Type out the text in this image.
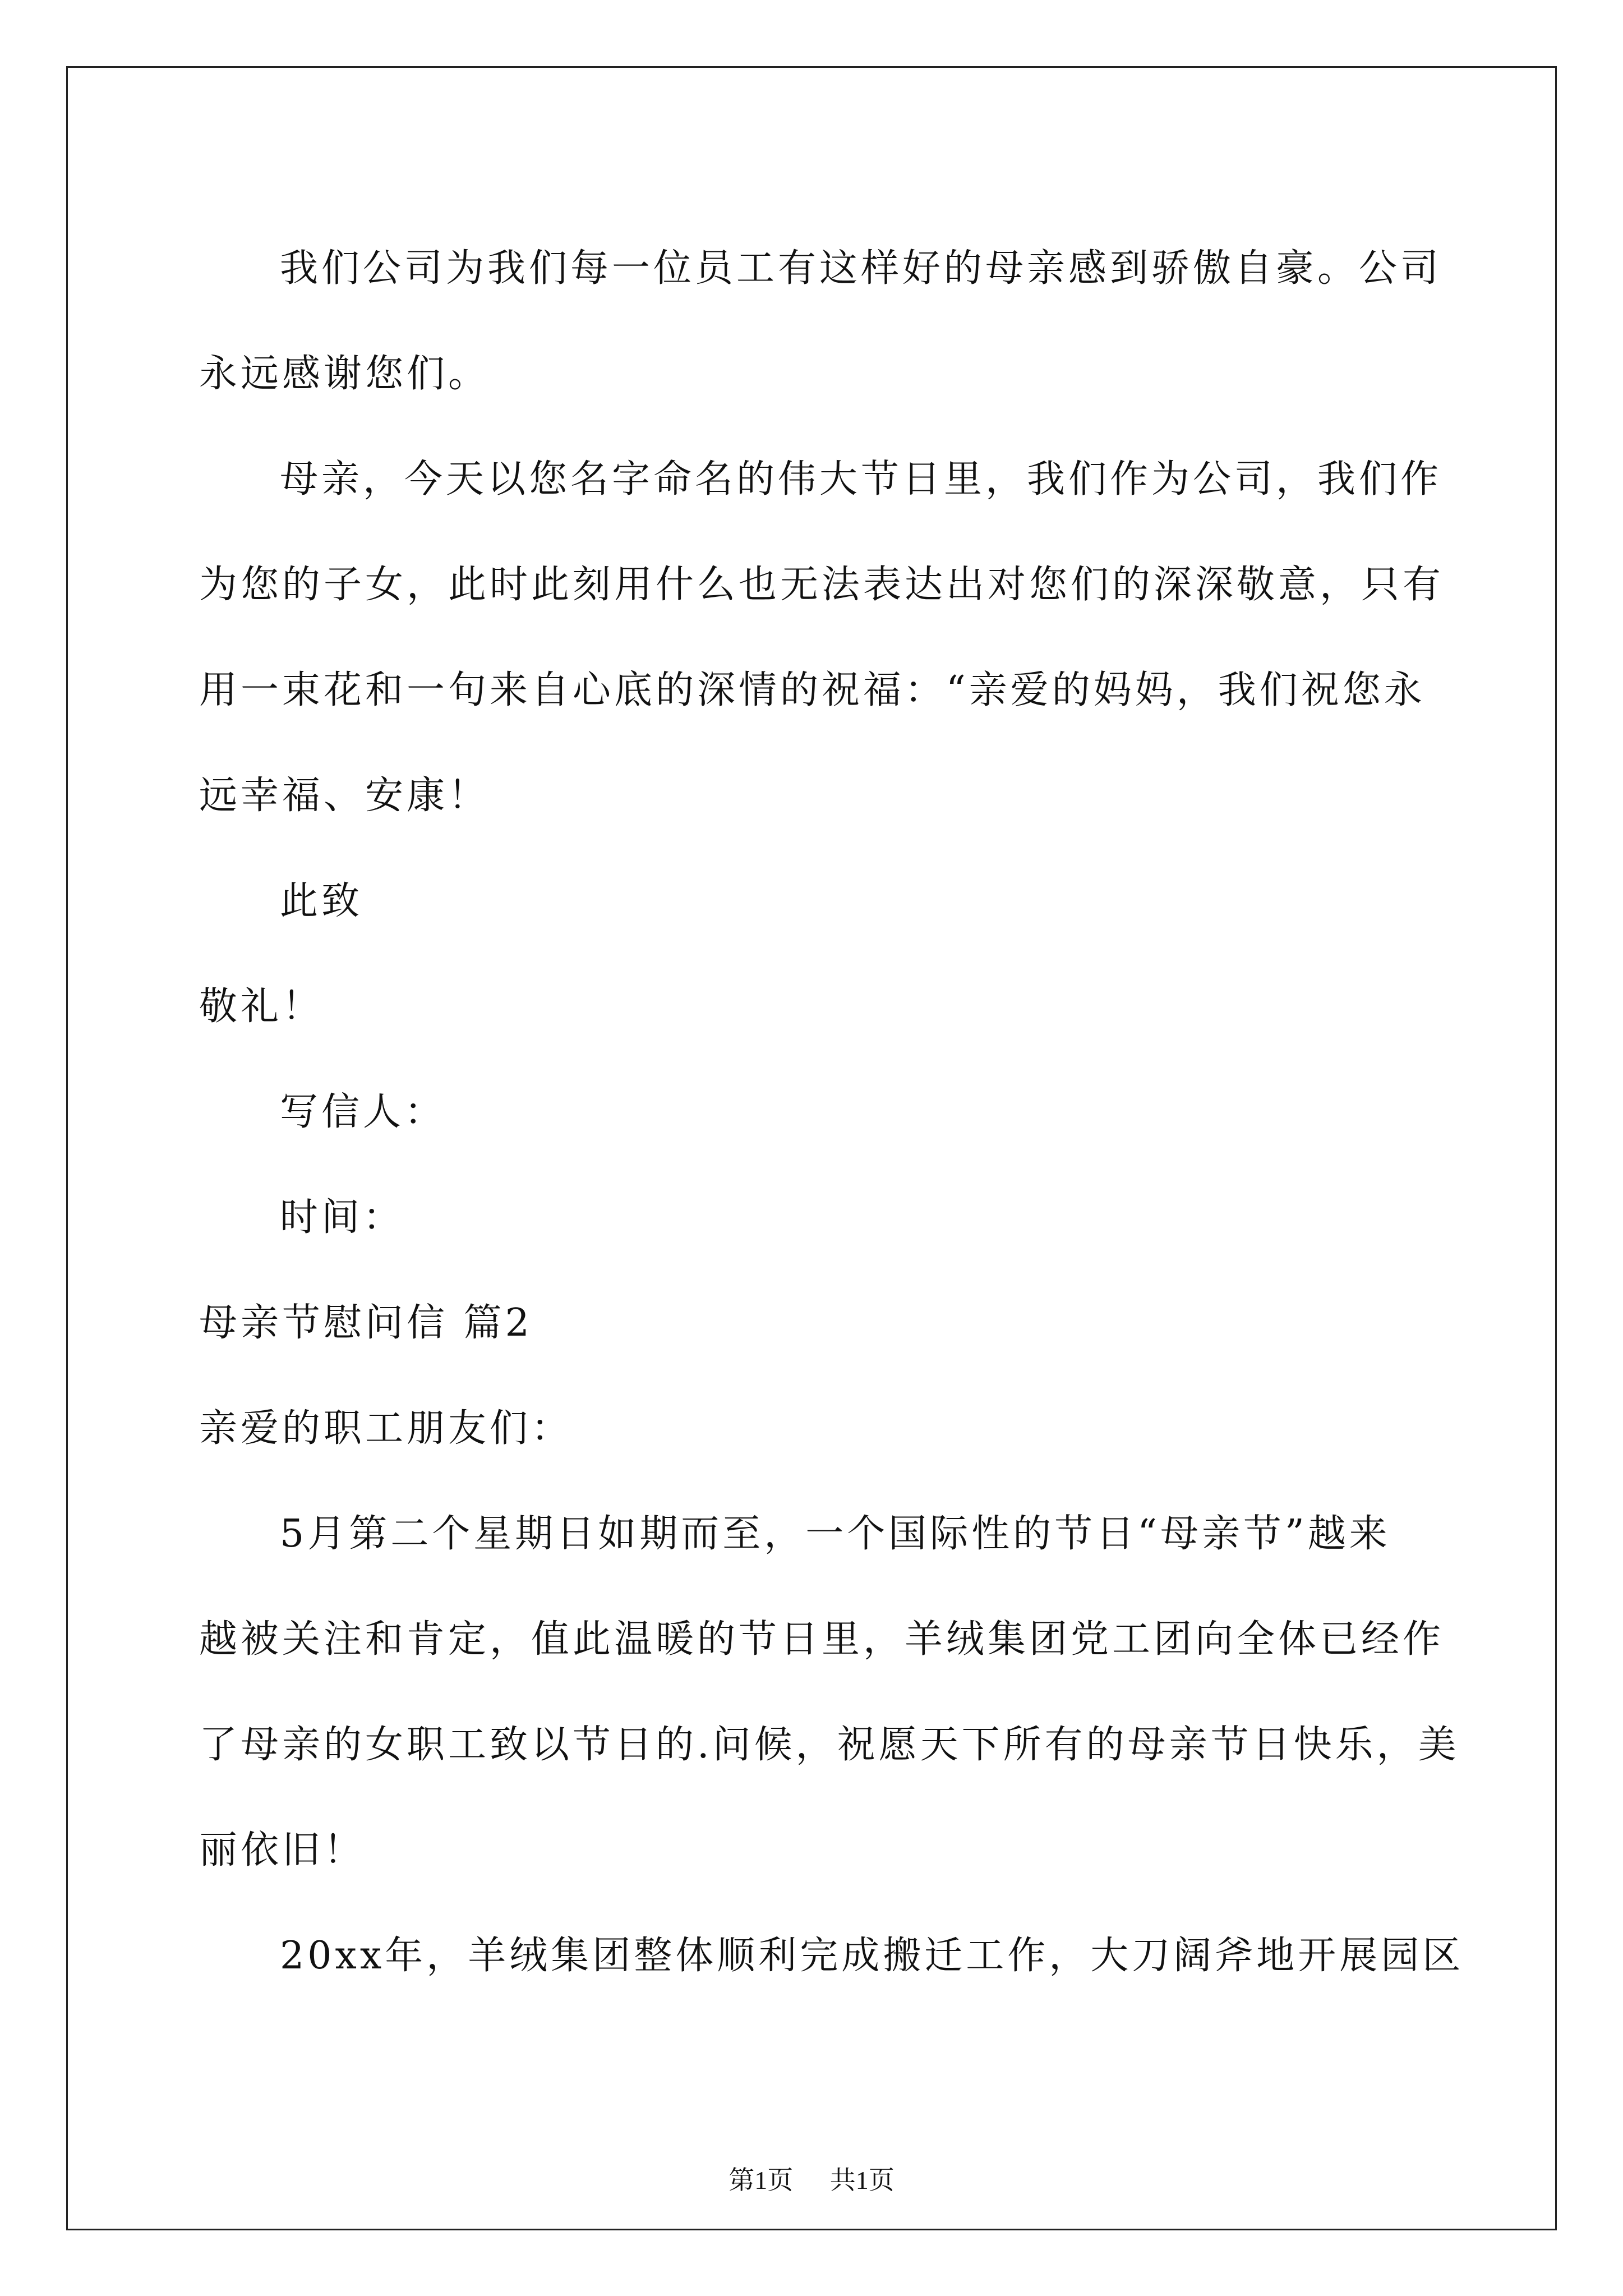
我们公司为我们每一位员工有这样好的母亲感到骄傲自豪。公司

永远感谢您们。

母亲，今天以您名字命名的伟大节日里，我们作为公司，我们作

为您的子女，此时此刻用什么也无法表达出对您们的深深敬意，只有

用一束花和一句来自心底的深情的祝福：“亲爱的妈妈，我们祝您永

远幸福、安康！

此致

敬礼！

写信人：

时间：

母亲节慰问信 篇2

亲爱的职工朋友们：

5月第二个星期日如期而至，一个国际性的节日“母亲节”越来

越被关注和肯定，值此温暖的节日里，羊绒集团党工团向全体已经作

了母亲的女职工致以节日的.问候，祝愿天下所有的母亲节日快乐，美

丽依旧！

20xx年，羊绒集团整体顺利完成搬迁工作，大刀阔斧地开展园区

第1页 共1页
